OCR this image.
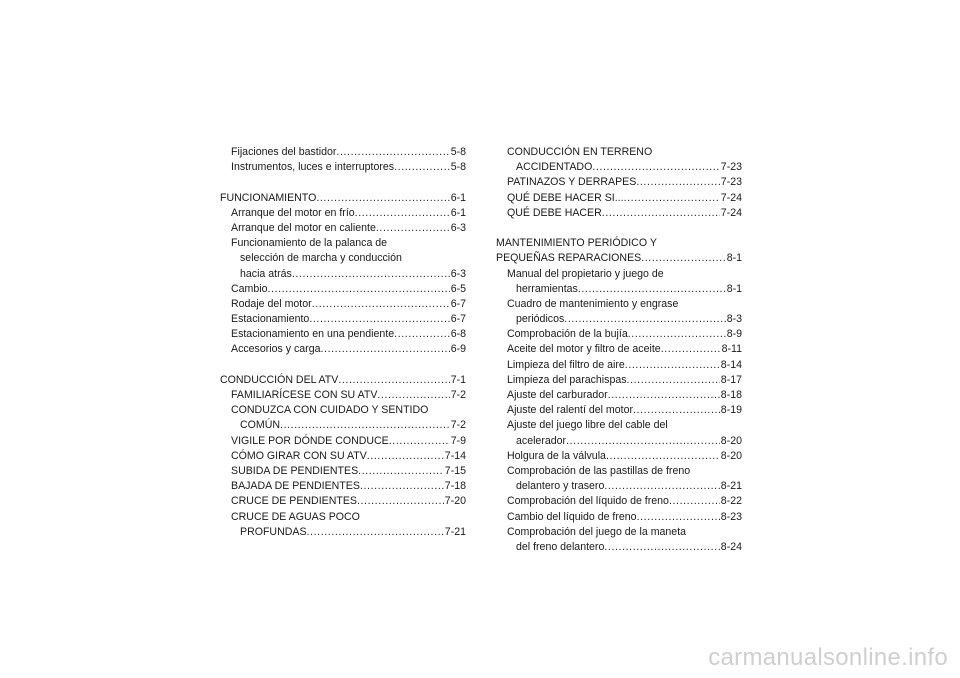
Fijaciones del bastidor .....	5-8
Instrumentos, luces e interruptores .....	5-8
FUNCIONAMIENTO .....	6-1
Arranque del motor en frío .....	6-1
Arranque del motor en caliente .....	6-3
Funcionamiento de la palanca de
selección de marcha y conducción
hacia atrás .....	6-3
Cambio .....	6-5
Rodaje del motor .....	6-7
Estacionamiento .....	6-7
Estacionamiento en una pendiente .....	6-8
Accesorios y carga .....	6-9
CONDUCCIÓN DEL ATV .....	7-1
FAMILIARÍCESE CON SU ATV .....	7-2
CONDUZCA CON CUIDADO Y SENTIDO
COMÚN .....	7-2
VIGILE POR DÓNDE CONDUCE .....	7-9
CÓMO GIRAR CON SU ATV .....	7-14
SUBIDA DE PENDIENTES .....	7-15
BAJADA DE PENDIENTES .....	7-18
CRUCE DE PENDIENTES .....	7-20
CRUCE DE AGUAS POCO
PROFUNDAS .....	7-21
CONDUCCIÓN EN TERRENO
ACCIDENTADO .....	7-23
PATINAZOS Y DERRAPES .....	7-23
QUÉ DEBE HACER SI... .....	7-24
QUÉ DEBE HACER .....	7-24
MANTENIMIENTO PERIÓDICO Y
PEQUEÑAS REPARACIONES .....	8-1
Manual del propietario y juego de
herramientas .....	8-1
Cuadro de mantenimiento y engrase
periódicos .....	8-3
Comprobación de la bujía .....	8-9
Aceite del motor y filtro de aceite .....	8-11
Limpieza del filtro de aire .....	8-14
Limpieza del parachispas .....	8-17
Ajuste del carburador .....	8-18
Ajuste del ralentí del motor .....	8-19
Ajuste del juego libre del cable del
acelerador .....	8-20
Holgura de la válvula .....	8-20
Comprobación de las pastillas de freno
delantero y trasero .....	8-21
Comprobación del líquido de freno .....	8-22
Cambio del líquido de freno .....	8-23
Comprobación del juego de la maneta
del freno delantero .....	8-24
carmanualsonline.info
